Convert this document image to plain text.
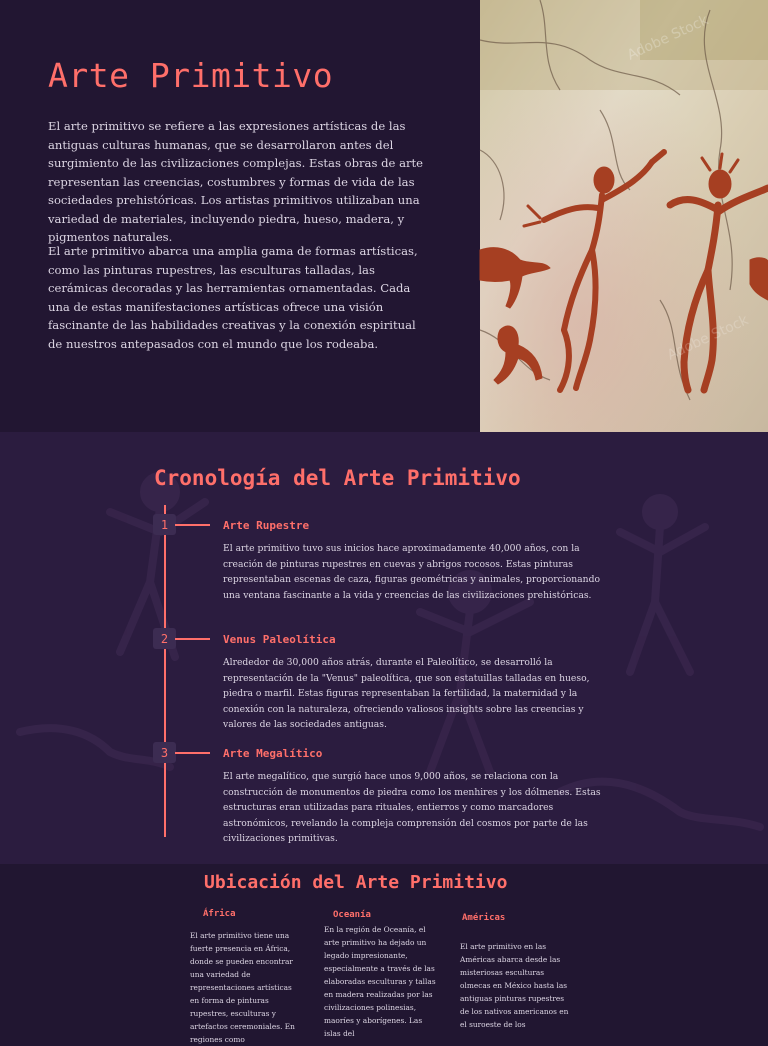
Arte Primitivo

El arte primitivo se refiere a las expresiones artísticas de las antiguas culturas humanas, que se desarrollaron antes del surgimiento de las civilizaciones complejas. Estas obras de arte representan las creencias, costumbres y formas de vida de las sociedades prehistóricas. Los artistas primitivos utilizaban una variedad de materiales, incluyendo piedra, hueso, madera, y pigmentos naturales.

El arte primitivo abarca una amplia gama de formas artísticas, como las pinturas rupestres, las esculturas talladas, las cerámicas decoradas y las herramientas ornamentadas. Cada una de estas manifestaciones artísticas ofrece una visión fascinante de las habilidades creativas y la conexión espiritual de nuestros antepasados con el mundo que los rodeaba.

Adobe Stock
Adobe Stock
Cronología del Arte Primitivo
1	Arte Rupestre

El arte primitivo tuvo sus inicios hace aproximadamente 40,000 años, con la creación de pinturas rupestres en cuevas y abrigos rocosos. Estas pinturas representaban escenas de caza, figuras geométricas y animales, proporcionando una ventana fascinante a la vida y creencias de las civilizaciones prehistóricas.

2	Venus Paleolítica

Alrededor de 30,000 años atrás, durante el Paleolítico, se desarrolló la representación de la "Venus" paleolítica, que son estatuillas talladas en hueso, piedra o marfil. Estas figuras representaban la fertilidad, la maternidad y la conexión con la naturaleza, ofreciendo valiosos insights sobre las creencias y valores de las sociedades antiguas.

3	Arte Megalítico

El arte megalítico, que surgió hace unos 9,000 años, se relaciona con la construcción de monumentos de piedra como los menhires y los dólmenes. Estas estructuras eran utilizadas para rituales, entierros y como marcadores astronómicos, revelando la compleja comprensión del cosmos por parte de las civilizaciones primitivas.

Ubicación del Arte Primitivo
África

El arte primitivo tiene una fuerte presencia en África, donde se pueden encontrar una variedad de representaciones artísticas en forma de pinturas rupestres, esculturas y artefactos ceremoniales. En regiones como

Oceanía

En la región de Oceanía, el arte primitivo ha dejado un legado impresionante, especialmente a través de las elaboradas esculturas y tallas en madera realizadas por las civilizaciones polinesias, maoríes y aborígenes. Las islas del

Américas

El arte primitivo en las Américas abarca desde las misteriosas esculturas olmecas en México hasta las antiguas pinturas rupestres de los nativos americanos en el suroeste de los
